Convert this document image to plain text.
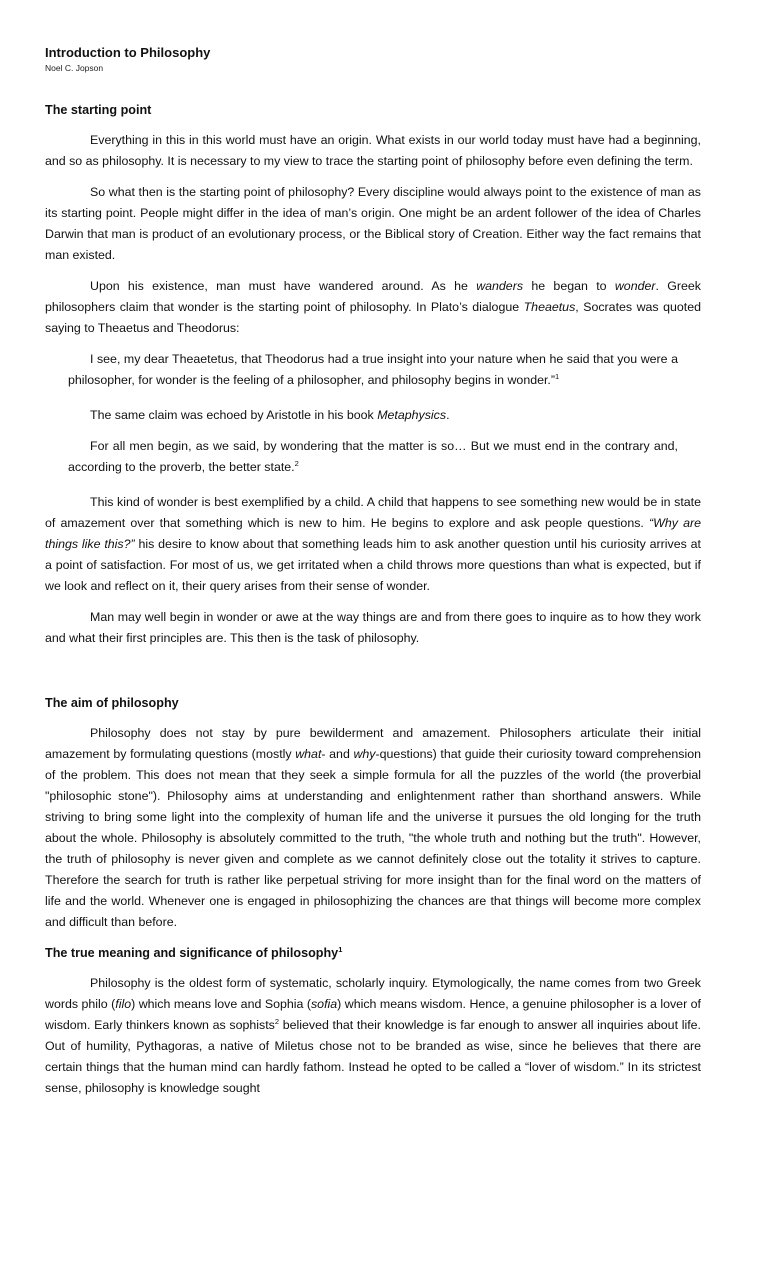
Introduction to Philosophy

Noel C. Jopson

The starting point

Everything in this in this world must have an origin. What exists in our world today must have had a beginning, and so as philosophy. It is necessary to my view to trace the starting point of philosophy before even defining the term.

So what then is the starting point of philosophy? Every discipline would always point to the existence of man as its starting point. People might differ in the idea of man’s origin. One might be an ardent follower of the idea of Charles Darwin that man is product of an evolutionary process, or the Biblical story of Creation. Either way the fact remains that man existed.

Upon his existence, man must have wandered around. As he wanders he began to wonder. Greek philosophers claim that wonder is the starting point of philosophy. In Plato’s dialogue Theaetus, Socrates was quoted saying to Theaetus and Theodorus:

I see, my dear Theaetetus, that Theodorus had a true insight into your nature when he said that you were a philosopher, for wonder is the feeling of a philosopher, and philosophy begins in wonder.”$^1$

The same claim was echoed by Aristotle in his book Metaphysics.

For all men begin, as we said, by wondering that the matter is so… But we must end in the contrary and, according to the proverb, the better state.$^2$

This kind of wonder is best exemplified by a child. A child that happens to see something new would be in state of amazement over that something which is new to him. He begins to explore and ask people questions. “Why are things like this?” his desire to know about that something leads him to ask another question until his curiosity arrives at a point of satisfaction. For most of us, we get irritated when a child throws more questions than what is expected, but if we look and reflect on it, their query arises from their sense of wonder.

Man may well begin in wonder or awe at the way things are and from there goes to inquire as to how they work and what their first principles are. This then is the task of philosophy.

The aim of philosophy

Philosophy does not stay by pure bewilderment and amazement. Philosophers articulate their initial amazement by formulating questions (mostly what- and why-questions) that guide their curiosity toward comprehension of the problem. This does not mean that they seek a simple formula for all the puzzles of the world (the proverbial "philosophic stone"). Philosophy aims at understanding and enlightenment rather than shorthand answers. While striving to bring some light into the complexity of human life and the universe it pursues the old longing for the truth about the whole. Philosophy is absolutely committed to the truth, "the whole truth and nothing but the truth". However, the truth of philosophy is never given and complete as we cannot definitely close out the totality it strives to capture. Therefore the search for truth is rather like perpetual striving for more insight than for the final word on the matters of life and the world. Whenever one is engaged in philosophizing the chances are that things will become more complex and difficult than before.

The true meaning and significance of philosophy$^1$

Philosophy is the oldest form of systematic, scholarly inquiry. Etymologically, the name comes from two Greek words philo (filo) which means love and Sophia (sofia) which means wisdom. Hence, a genuine philosopher is a lover of wisdom. Early thinkers known as sophists$^2$ believed that their knowledge is far enough to answer all inquiries about life. Out of humility, Pythagoras, a native of Miletus chose not to be branded as wise, since he believes that there are certain things that the human mind can hardly fathom. Instead he opted to be called a “lover of wisdom.” In its strictest sense, philosophy is knowledge sought
